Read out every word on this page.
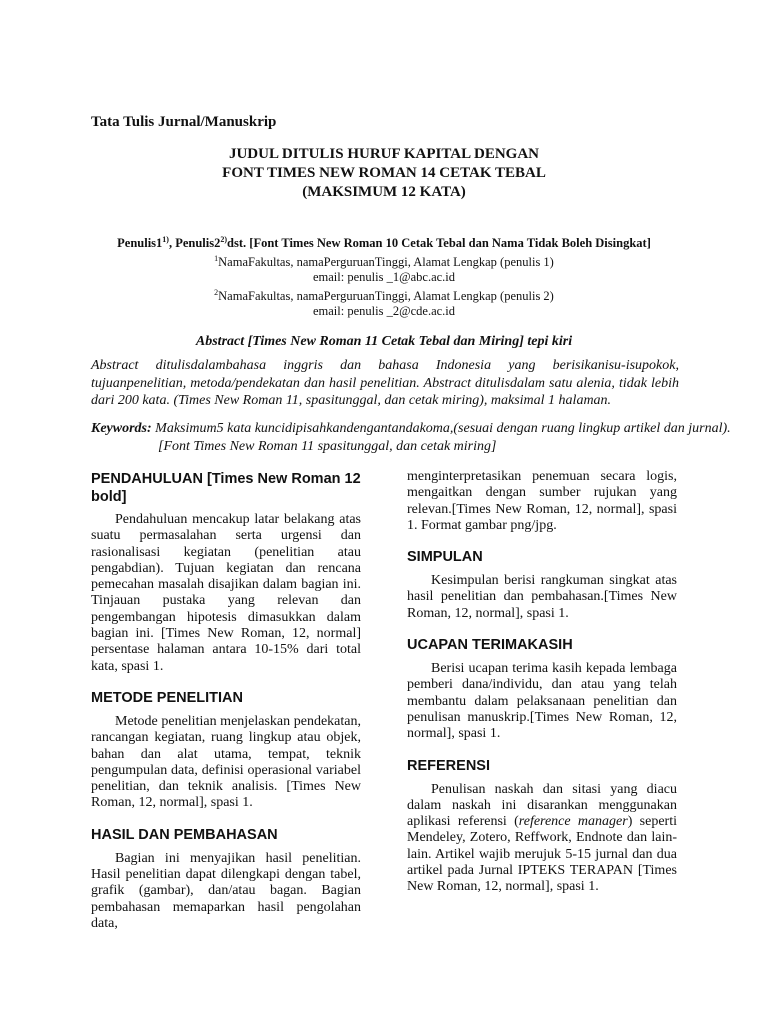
Tata Tulis Jurnal/Manuskrip
JUDUL DITULIS HURUF KAPITAL DENGAN
FONT TIMES NEW ROMAN 14 CETAK TEBAL
(MAKSIMUM 12 KATA)
Penulis1$^{1)}$, Penulis2$^{2)}$dst. [Font Times New Roman 10 Cetak Tebal dan Nama Tidak Boleh Disingkat]
$^1$NamaFakultas, namaPerguruanTinggi, Alamat Lengkap (penulis 1)
email: penulis _1@abc.ac.id
$^2$NamaFakultas, namaPerguruanTinggi, Alamat Lengkap (penulis 2)
email: penulis _2@cde.ac.id
Abstract [Times New Roman 11 Cetak Tebal dan Miring] tepi kiri
Abstract ditulisdalambahasa inggris dan bahasa Indonesia yang berisikanisu-isupokok, tujuanpenelitian, metoda/pendekatan dan hasil penelitian. Abstract ditulisdalam satu alenia, tidak lebih dari 200 kata. (Times New Roman 11, spasitunggal, dan cetak miring), maksimal 1 halaman.
Keywords: Maksimum5 kata kuncidipisahkandengantandakoma,(sesuai dengan ruang lingkup artikel dan jurnal). [Font Times New Roman 11 spasitunggal, dan cetak miring]
PENDAHULUAN [Times New Roman 12 bold]

Pendahuluan mencakup latar belakang atas suatu permasalahan serta urgensi dan rasionalisasi kegiatan (penelitian atau pengabdian). Tujuan kegiatan dan rencana pemecahan masalah disajikan dalam bagian ini. Tinjauan pustaka yang relevan dan pengembangan hipotesis dimasukkan dalam bagian ini. [Times New Roman, 12, normal] persentase halaman antara 10-15% dari total kata, spasi 1.

METODE PENELITIAN

Metode penelitian menjelaskan pendekatan, rancangan kegiatan, ruang lingkup atau objek, bahan dan alat utama, tempat, teknik pengumpulan data, definisi operasional variabel penelitian, dan teknik analisis. [Times New Roman, 12, normal], spasi 1.

HASIL DAN PEMBAHASAN

Bagian ini menyajikan hasil penelitian. Hasil penelitian dapat dilengkapi dengan tabel, grafik (gambar), dan/atau bagan. Bagian pembahasan memaparkan hasil pengolahan data,

menginterpretasikan penemuan secara logis, mengaitkan dengan sumber rujukan yang relevan.[Times New Roman, 12, normal], spasi 1. Format gambar png/jpg.

SIMPULAN

Kesimpulan berisi rangkuman singkat atas hasil penelitian dan pembahasan.[Times New Roman, 12, normal], spasi 1.

UCAPAN TERIMAKASIH

Berisi ucapan terima kasih kepada lembaga pemberi dana/individu, dan atau yang telah membantu dalam pelaksanaan penelitian dan penulisan manuskrip.[Times New Roman, 12, normal], spasi 1.

REFERENSI

Penulisan naskah dan sitasi yang diacu dalam naskah ini disarankan menggunakan aplikasi referensi (reference manager) seperti Mendeley, Zotero, Reffwork, Endnote dan lain-lain. Artikel wajib merujuk 5-15 jurnal dan dua artikel pada Jurnal IPTEKS TERAPAN [Times New Roman, 12, normal], spasi 1.
